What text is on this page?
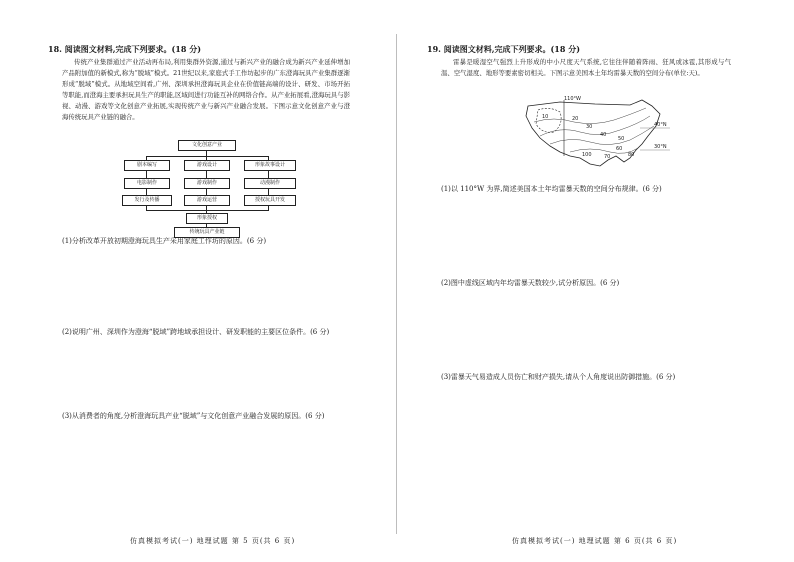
18. 阅读图文材料,完成下列要求。(18 分)
传统产业集群通过产业活动再布局,利用集群外资源,通过与新兴产业的融合成为新兴产业延伸增加产品附加值的新模式,称为“脱域”模式。21世纪以来,家庭式手工作坊起步的广东澄海玩具产业集群逐渐形成“脱域”模式。从地域空间看,广州、深圳承担澄海玩具企业在价值链高端的设计、研发、市场开拓等职能,而澄海主要承担玩具生产的职能,区域间进行功能互补的网络合作。从产业拓展看,澄海玩具与影视、动漫、游戏等文化创意产业拓展,实现传统产业与新兴产业融合发展。下图示意文化创意产业与澄海传统玩具产业链的融合。
文化创意产业
剧本编写	游戏设计	形象故事设计
电影制作	游戏制作	动漫制作
发行及传播	游戏运营	授权玩具开发
形象授权
传统玩具产业链
(1)分析改革开放初期澄海玩具生产采用家庭工作坊的原因。(6 分)
(2)说明广州、深圳作为澄海“脱域”跨地域承担设计、研发职能的主要区位条件。(6 分)
(3)从消费者的角度,分析澄海玩具产业“脱域”与文化创意产业融合发展的原因。(6 分)
仿真模拟考试(一) 地理试题 第 5 页(共 6 页)
19. 阅读图文材料,完成下列要求。(18 分)
雷暴是暖湿空气强烈上升形成的中小尺度天气系统,它往往伴随着阵雨、狂风或冰雹,其形成与气温、空气湿度、地形等要素密切相关。下图示意美国本土年均雷暴天数的空间分布(单位:天)。
(1)以 110°W 为界,简述美国本土年均雷暴天数的空间分布规律。(6 分)
(2)图中虚线区域内年均雷暴天数较少,试分析原因。(6 分)
(3)雷暴天气易造成人员伤亡和财产损失,请从个人角度说出防御措施。(6 分)
仿真模拟考试(一) 地理试题 第 6 页(共 6 页)
110°W
10	20
30
40
50
60
70	80
100
40°N
30°N
